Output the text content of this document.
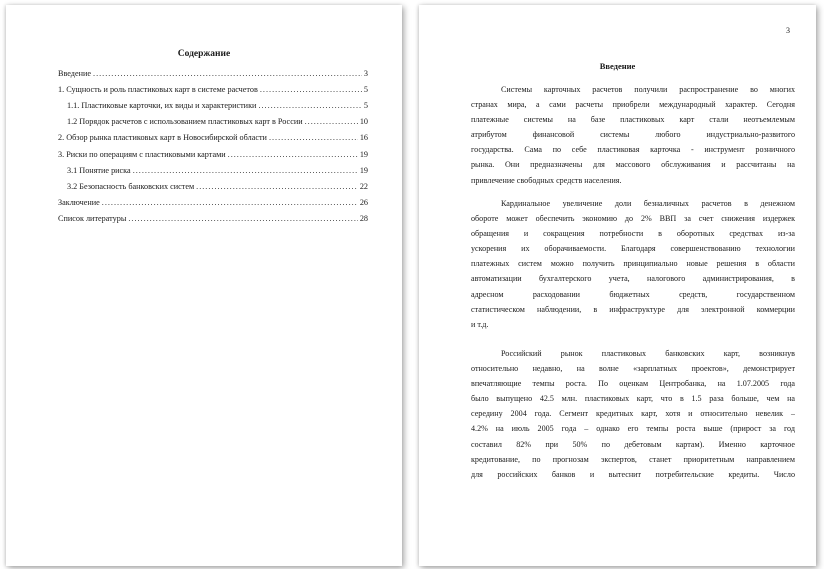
Содержание
Введение .....	3
1. Сущность и роль пластиковых карт в системе расчетов .....	5
1.1. Пластиковые карточки, их виды и характеристики .....	5
1.2 Порядок расчетов с использованием пластиковых карт в России .....	10
2. Обзор рынка пластиковых карт в Новосибирской области .....	16
3. Риски по операциям с пластиковыми картами .....	19
3.1 Понятие риска .....	19
3.2 Безопасность банковских систем .....	22
Заключение .....	26
Список литературы .....	28
3
Введение
Системы карточных расчетов получили распространение во многих
странах мира, а сами расчеты приобрели международный характер. Сегодня
платежные системы на базе пластиковых карт стали неотъемлемым
атрибутом финансовой системы любого индустриально-развитого
государства. Сама по себе пластиковая карточка - инструмент розничного
рынка. Они предназначены для массового обслуживания и рассчитаны на
привлечение свободных средств населения.
Кардинальное увеличение доли безналичных расчетов в денежном
обороте может обеспечить экономию до 2% ВВП за счет снижения издержек
обращения и сокращения потребности в оборотных средствах из-за
ускорения их оборачиваемости. Благодаря совершенствованию технологии
платежных систем можно получить принципиально новые решения в области
автоматизации бухгалтерского учета, налогового администрирования, в
адресном расходовании бюджетных средств, государственном
статистическом наблюдении, в инфраструктуре для электронной коммерции
и т.д.
Российский рынок пластиковых банковских карт, возникнув
относительно недавно, на волне «зарплатных проектов», демонстрирует
впечатляющие темпы роста. По оценкам Центробанка, на 1.07.2005 года
было выпущено 42.5 млн. пластиковых карт, что в 1.5 раза больше, чем на
середину 2004 года. Сегмент кредитных карт, хотя и относительно невелик –
4.2% на июль 2005 года – однако его темпы роста выше (прирост за год
составил 82% при 50% по дебетовым картам). Именно карточное
кредитование, по прогнозам экспертов, станет приоритетным направлением
для российских банков и вытеснит потребительские кредиты. Число
